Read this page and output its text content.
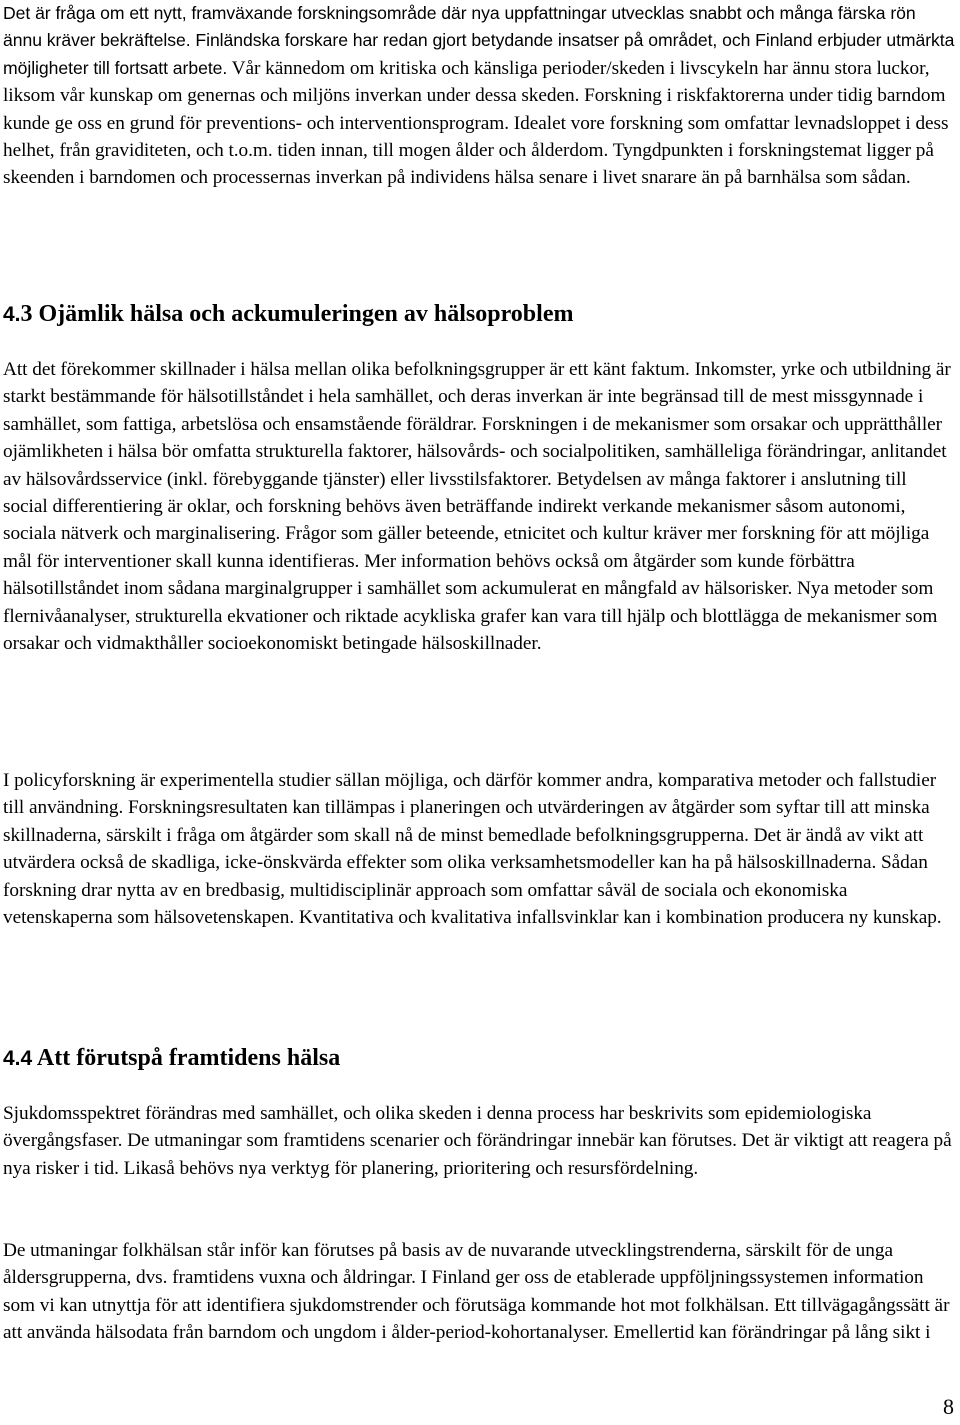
Det är fråga om ett nytt, framväxande forskningsområde där nya uppfattningar utvecklas snabbt och många färska rön ännu kräver bekräftelse. Finländska forskare har redan gjort betydande insatser på området, och Finland erbjuder utmärkta möjligheter till fortsatt arbete. Vår kännedom om kritiska och känsliga perioder/skeden i livscykeln har ännu stora luckor, liksom vår kunskap om genernas och miljöns inverkan under dessa skeden. Forskning i riskfaktorerna under tidig barndom kunde ge oss en grund för preventions- och interventionsprogram. Idealet vore forskning som omfattar levnadsloppet i dess helhet, från graviditeten, och t.o.m. tiden innan, till mogen ålder och ålderdom. Tyngdpunkten i forskningstemat ligger på skeenden i barndomen och processernas inverkan på individens hälsa senare i livet snarare än på barnhälsa som sådan.

4.3 Ojämlik hälsa och ackumuleringen av hälsoproblem

Att det förekommer skillnader i hälsa mellan olika befolkningsgrupper är ett känt faktum. Inkomster, yrke och utbildning är starkt bestämmande för hälsotillståndet i hela samhället, och deras inverkan är inte begränsad till de mest missgynnade i samhället, som fattiga, arbetslösa och ensamstående föräldrar. Forskningen i de mekanismer som orsakar och upprätthåller ojämlikheten i hälsa bör omfatta strukturella faktorer, hälsovårds- och socialpolitiken, samhälleliga förändringar, anlitandet av hälsovårdsservice (inkl. förebyggande tjänster) eller livsstilsfaktorer. Betydelsen av många faktorer i anslutning till social differentiering är oklar, och forskning behövs även beträffande indirekt verkande mekanismer såsom autonomi, sociala nätverk och marginalisering. Frågor som gäller beteende, etnicitet och kultur kräver mer forskning för att möjliga mål för interventioner skall kunna identifieras. Mer information behövs också om åtgärder som kunde förbättra hälsotillståndet inom sådana marginalgrupper i samhället som ackumulerat en mångfald av hälsorisker. Nya metoder som flernivåanalyser, strukturella ekvationer och riktade acykliska grafer kan vara till hjälp och blottlägga de mekanismer som orsakar och vidmakthåller socioekonomiskt betingade hälsoskillnader.

I policyforskning är experimentella studier sällan möjliga, och därför kommer andra, komparativa metoder och fallstudier till användning. Forskningsresultaten kan tillämpas i planeringen och utvärderingen av åtgärder som syftar till att minska skillnaderna, särskilt i fråga om åtgärder som skall nå de minst bemedlade befolkningsgrupperna. Det är ändå av vikt att utvärdera också de skadliga, icke-önskvärda effekter som olika verksamhetsmodeller kan ha på hälsoskillnaderna. Sådan forskning drar nytta av en bredbasig, multidisciplinär approach som omfattar såväl de sociala och ekonomiska vetenskaperna som hälsovetenskapen. Kvantitativa och kvalitativa infallsvinklar kan i kombination producera ny kunskap.

4.4 Att förutspå framtidens hälsa

Sjukdomsspektret förändras med samhället, och olika skeden i denna process har beskrivits som epidemiologiska övergångsfaser. De utmaningar som framtidens scenarier och förändringar innebär kan förutses. Det är viktigt att reagera på nya risker i tid. Likaså behövs nya verktyg för planering, prioritering och resursfördelning.

De utmaningar folkhälsan står inför kan förutses på basis av de nuvarande utvecklingstrenderna, särskilt för de unga åldersgrupperna, dvs. framtidens vuxna och åldringar. I Finland ger oss de etablerade uppföljningssystemen information som vi kan utnyttja för att identifiera sjukdomstrender och förutsäga kommande hot mot folkhälsan. Ett tillvägagångssätt är att använda hälsodata från barndom och ungdom i ålder-period-kohortanalyser. Emellertid kan förändringar på lång sikt i

8
